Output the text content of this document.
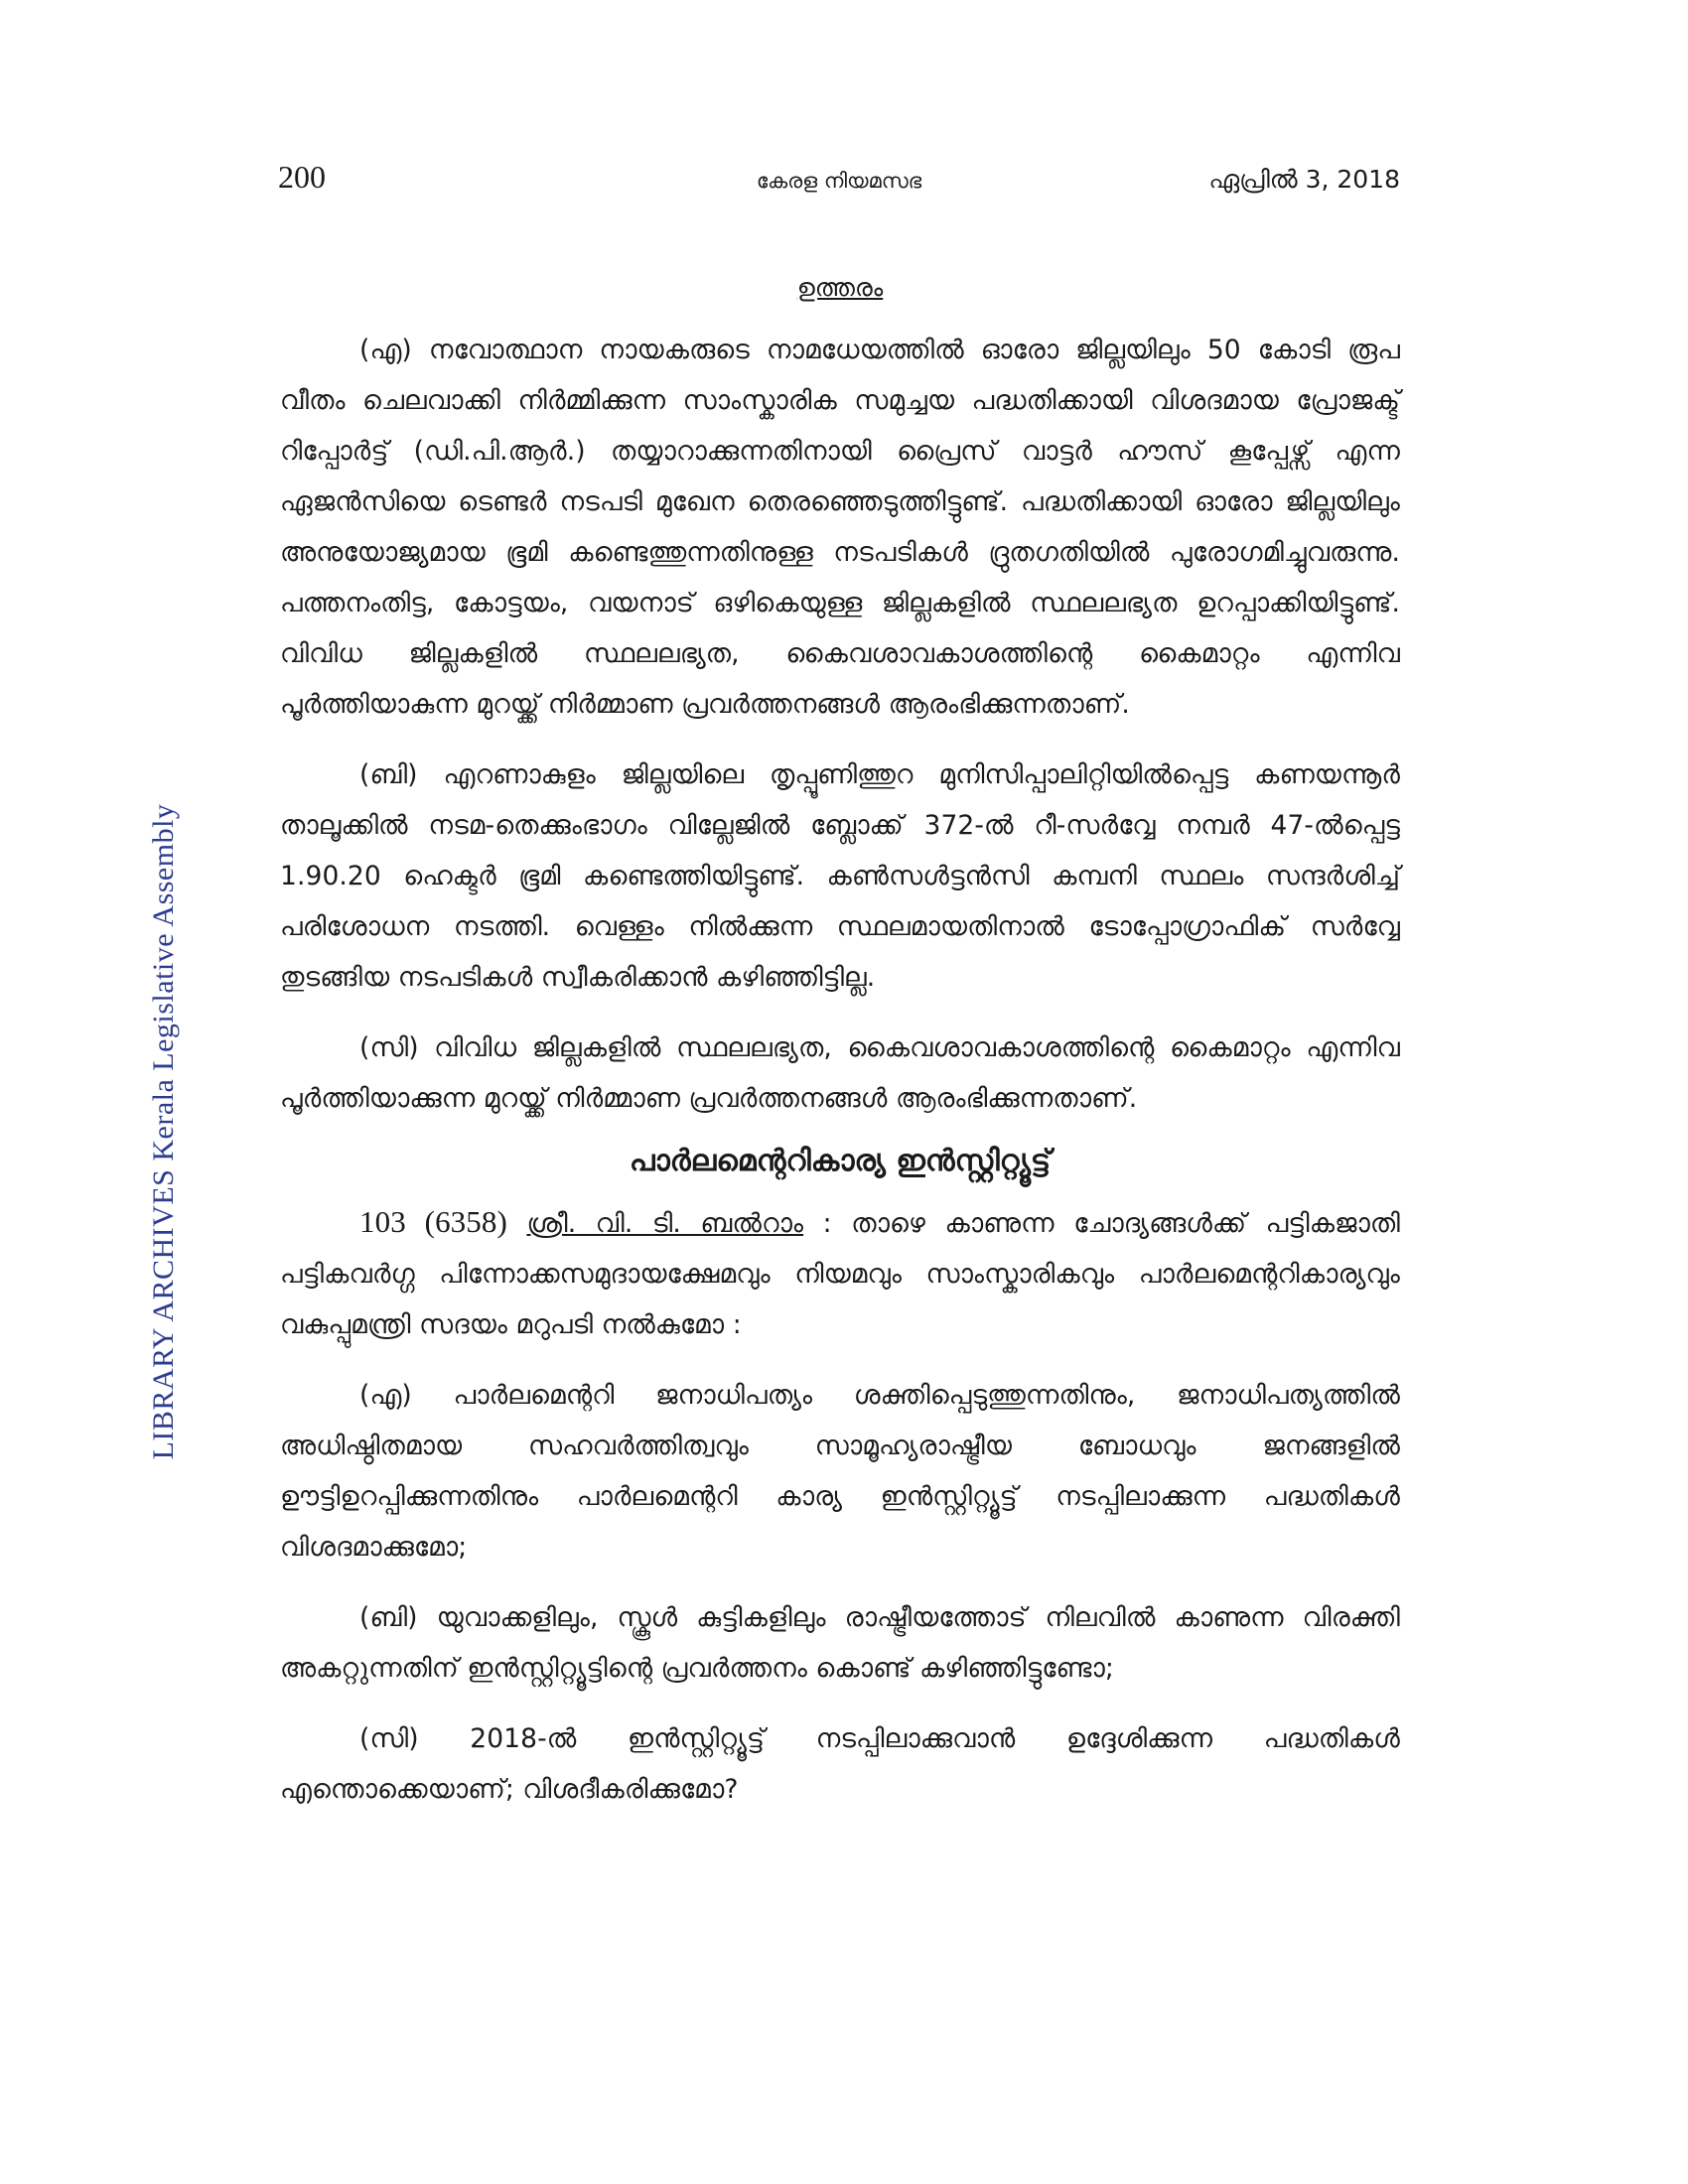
LIBRARY ARCHIVES Kerala Legislative Assembly
200	കേരള നിയമസഭ	ഏപ്രിൽ 3, 2018
ഉത്തരം

(എ) നവോത്ഥാന നായകരുടെ നാമധേയത്തിൽ ഓരോ ജില്ലയിലും 50 കോടി രൂപ വീതം ചെലവാക്കി നിർമ്മിക്കുന്ന സാംസ്കാരിക സമുച്ചയ പദ്ധതിക്കായി വിശദമായ പ്രോജക്ട് റിപ്പോർട്ട് (ഡി.പി.ആർ.) തയ്യാറാക്കുന്നതിനായി പ്രൈസ് വാട്ടർ ഹൗസ് കൂപ്പേഴ്സ് എന്ന ഏജൻസിയെ ടെണ്ടർ നടപടി മുഖേന തെരഞ്ഞെടുത്തിട്ടുണ്ട്. പദ്ധതിക്കായി ഓരോ ജില്ലയിലും അനുയോജ്യമായ ഭൂമി കണ്ടെത്തുന്നതിനുള്ള നടപടികൾ ദ്രുതഗതിയിൽ പുരോഗമിച്ചുവരുന്നു. പത്തനംതിട്ട, കോട്ടയം, വയനാട് ഒഴികെയുള്ള ജില്ലകളിൽ സ്ഥലലഭ്യത ഉറപ്പാക്കിയിട്ടുണ്ട്. വിവിധ ജില്ലകളിൽ സ്ഥലലഭ്യത, കൈവശാവകാശത്തിന്റെ കൈമാറ്റം എന്നിവ പൂർത്തിയാകുന്ന മുറയ്ക്ക് നിർമ്മാണ പ്രവർത്തനങ്ങൾ ആരംഭിക്കുന്നതാണ്.

(ബി) എറണാകുളം ജില്ലയിലെ തൃപ്പൂണിത്തുറ മുനിസിപ്പാലിറ്റിയിൽപ്പെട്ട കണയന്നൂർ താലൂക്കിൽ നടമ-തെക്കുംഭാഗം വില്ലേജിൽ ബ്ലോക്ക് 372-ൽ റീ-സർവ്വേ നമ്പർ 47-ൽപ്പെട്ട 1.90.20 ഹെക്ടർ ഭൂമി കണ്ടെത്തിയിട്ടുണ്ട്. കൺസൾട്ടൻസി കമ്പനി സ്ഥലം സന്ദർശിച്ച് പരിശോധന നടത്തി. വെള്ളം നിൽക്കുന്ന സ്ഥലമായതിനാൽ ടോപ്പോഗ്രാഫിക് സർവ്വേ തുടങ്ങിയ നടപടികൾ സ്വീകരിക്കാൻ കഴിഞ്ഞിട്ടില്ല.

(സി) വിവിധ ജില്ലകളിൽ സ്ഥലലഭ്യത, കൈവശാവകാശത്തിന്റെ കൈമാറ്റം എന്നിവ പൂർത്തിയാക്കുന്ന മുറയ്ക്ക് നിർമ്മാണ പ്രവർത്തനങ്ങൾ ആരംഭിക്കുന്നതാണ്.

പാർലമെന്ററികാര്യ ഇൻസ്റ്റിറ്റ്യൂട്ട്

103 (6358) ശ്രീ. വി. ടി. ബൽറാം : താഴെ കാണുന്ന ചോദ്യങ്ങൾക്ക് പട്ടികജാതി പട്ടികവർഗ്ഗ പിന്നോക്കസമുദായക്ഷേമവും നിയമവും സാംസ്കാരികവും പാർലമെന്ററികാര്യവും വകുപ്പുമന്ത്രി സദയം മറുപടി നൽകുമോ :

(എ) പാർലമെന്ററി ജനാധിപത്യം ശക്തിപ്പെടുത്തുന്നതിനും, ജനാധിപത്യത്തിൽ അധിഷ്ഠിതമായ സഹവർത്തിത്വവും സാമൂഹ്യരാഷ്ട്രീയ ബോധവും ജനങ്ങളിൽ ഊട്ടിഉറപ്പിക്കുന്നതിനും പാർലമെന്ററി കാര്യ ഇൻസ്റ്റിറ്റ്യൂട്ട് നടപ്പിലാക്കുന്ന പദ്ധതികൾ വിശദമാക്കുമോ;

(ബി) യുവാക്കളിലും, സ്കൂൾ കുട്ടികളിലും രാഷ്ട്രീയത്തോട് നിലവിൽ കാണുന്ന വിരക്തി അകറ്റുന്നതിന് ഇൻസ്റ്റിറ്റ്യൂട്ടിന്റെ പ്രവർത്തനം കൊണ്ട് കഴിഞ്ഞിട്ടുണ്ടോ;

(സി) 2018-ൽ ഇൻസ്റ്റിറ്റ്യൂട്ട് നടപ്പിലാക്കുവാൻ ഉദ്ദേശിക്കുന്ന പദ്ധതികൾ എന്തൊക്കെയാണ്; വിശദീകരിക്കുമോ?
